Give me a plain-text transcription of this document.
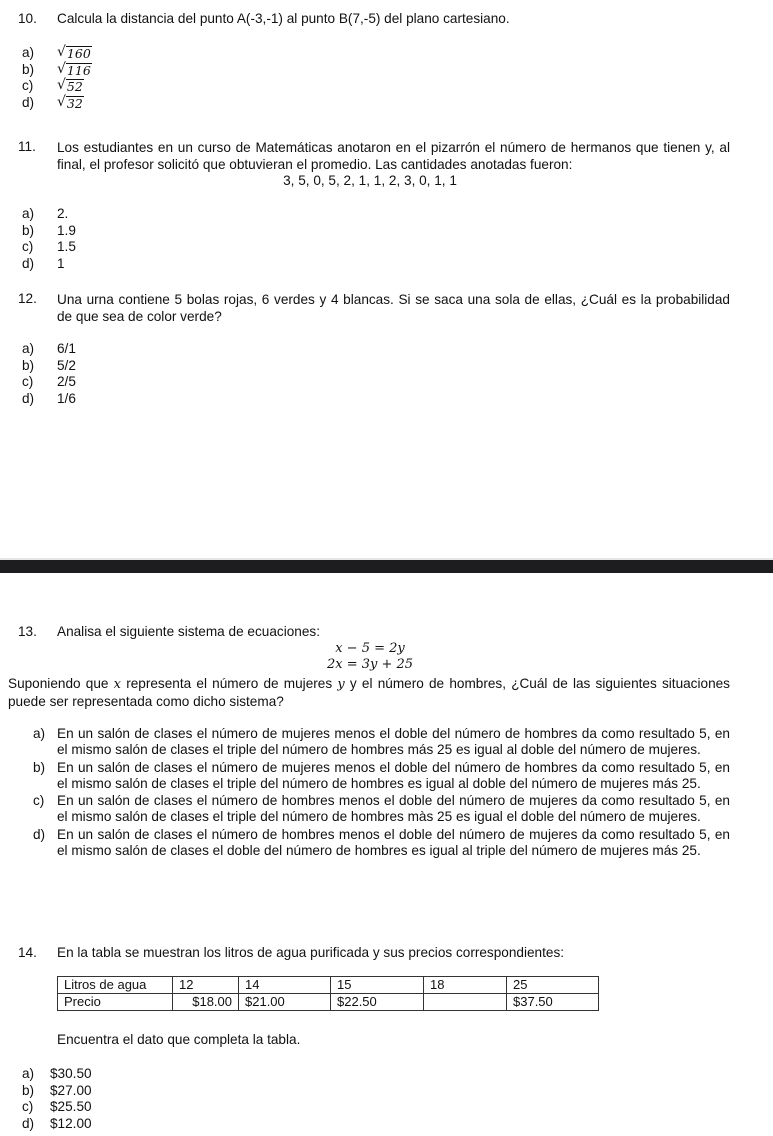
10. Calcula la distancia del punto A(-3,-1) al punto B(7,-5) del plano cartesiano.
a)	√ 160
b)	√ 116
c)	√ 52
d)	√ 32
11. Los estudiantes en un curso de Matemáticas anotaron en el pizarrón el número de hermanos que tienen y, al final, el profesor solicitó que obtuvieran el promedio. Las cantidades anotadas fueron:
3, 5, 0, 5, 2, 1, 1, 2, 3, 0, 1, 1
a)	2.
b)	1.9
c)	1.5
d)	1
12. Una urna contiene 5 bolas rojas, 6 verdes y 4 blancas. Si se saca una sola de ellas, ¿Cuál es la probabilidad de que sea de color verde?
a)	6/1
b)	5/2
c)	2/5
d)	1/6
13. Analisa el siguiente sistema de ecuaciones:
x − 5 = 2y
2x = 3y + 25
Suponiendo que x representa el número de mujeres y y el número de hombres, ¿Cuál de las siguientes situaciones puede ser representada como dicho sistema?
a) En un salón de clases el número de mujeres menos el doble del número de hombres da como resultado 5, en el mismo salón de clases el triple del número de hombres más 25 es igual al doble del número de mujeres.
b) En un salón de clases el número de mujeres menos el doble del número de hombres da como resultado 5, en el mismo salón de clases el triple del número de hombres es igual al doble del número de mujeres más 25.
c) En un salón de clases el número de hombres menos el doble del número de mujeres da como resultado 5, en el mismo salón de clases el triple del número de hombres màs 25 es igual el doble del número de mujeres.
d) En un salón de clases el número de hombres menos el doble del número de mujeres da como resultado 5, en el mismo salón de clases el doble del número de hombres es igual al triple del número de mujeres más 25.
14. En la tabla se muestran los litros de agua purificada y sus precios correspondientes:
Litros de agua	12	14	15	18	25
Precio	$18.00	$21.00	$22.50		$37.50
Encuentra el dato que completa la tabla.
a)	$30.50
b)	$27.00
c)	$25.50
d)	$12.00
